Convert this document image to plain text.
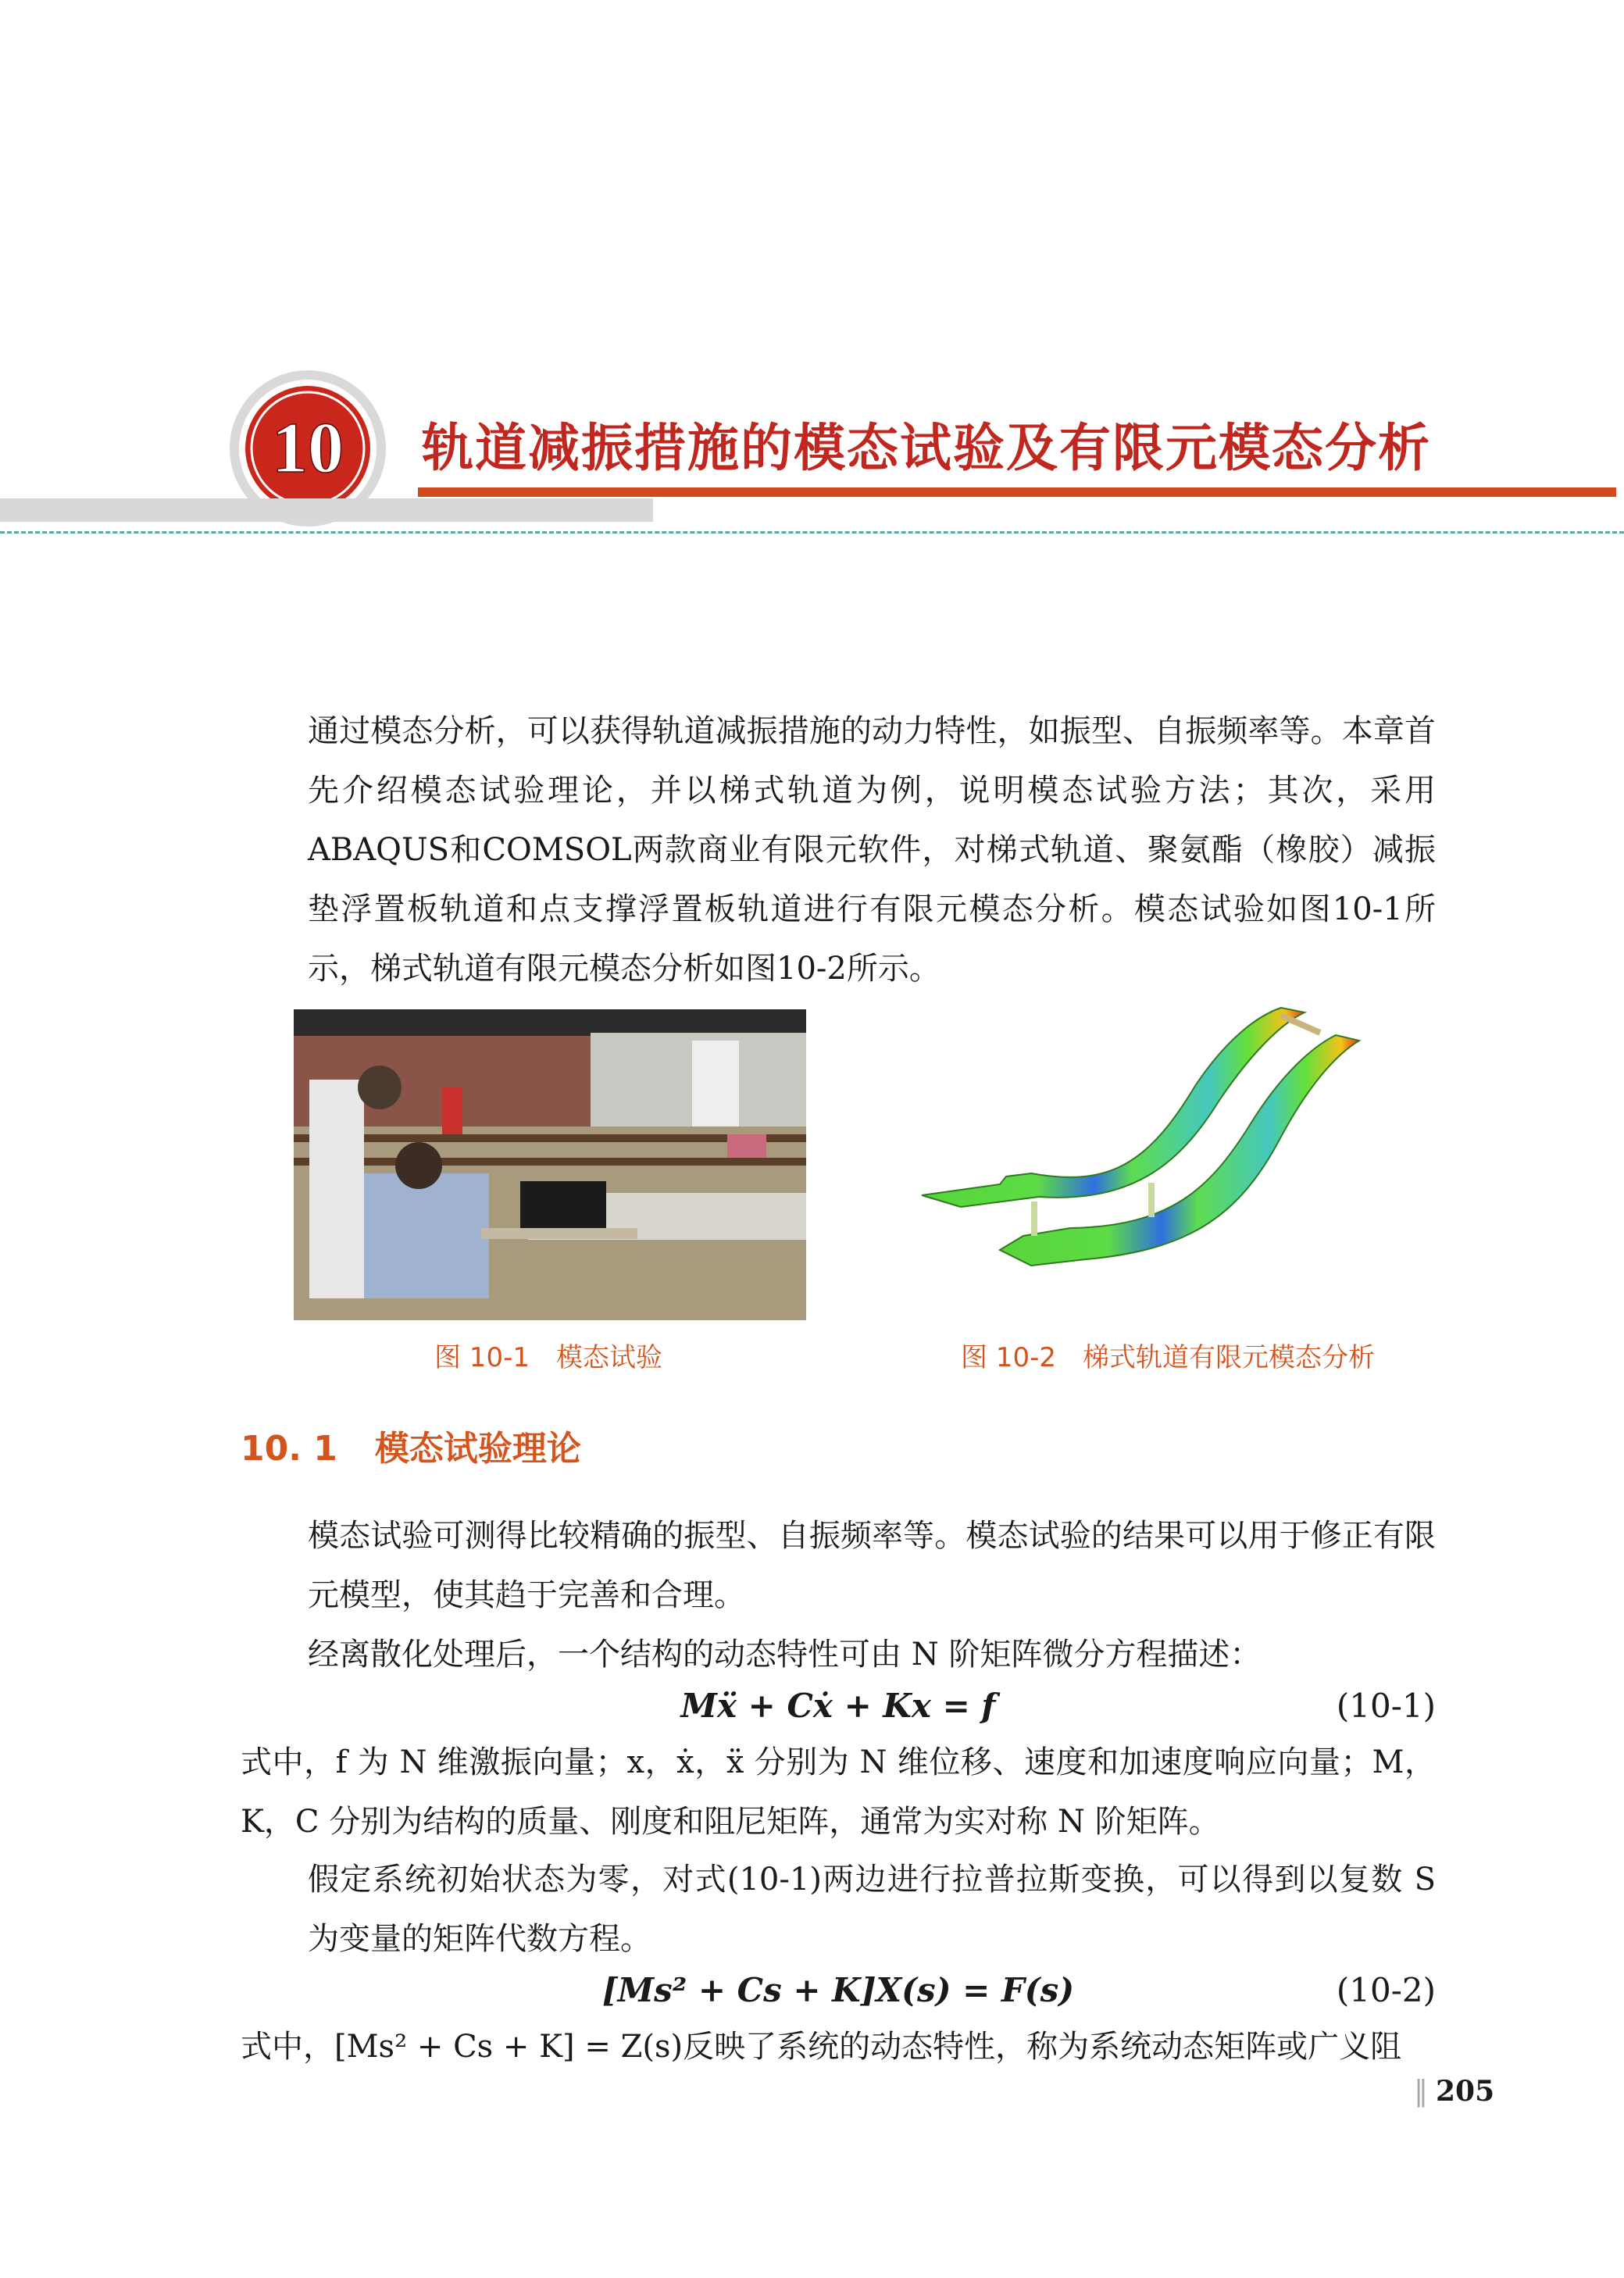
10 轨道减振措施的模态试验及有限元模态分析
通过模态分析，可以获得轨道减振措施的动力特性，如振型、自振频率等。本章首先介绍模态试验理论，并以梯式轨道为例，说明模态试验方法；其次，采用ABAQUS和COMSOL两款商业有限元软件，对梯式轨道、聚氨酯（橡胶）减振垫浮置板轨道和点支撑浮置板轨道进行有限元模态分析。模态试验如图10-1所示，梯式轨道有限元模态分析如图10-2所示。
图 10-1 模态试验	图 10-2 梯式轨道有限元模态分析
10. 1 模态试验理论
模态试验可测得比较精确的振型、自振频率等。模态试验的结果可以用于修正有限元模型，使其趋于完善和合理。
经离散化处理后，一个结构的动态特性可由 N 阶矩阵微分方程描述：
Mẍ + Cẋ + Kx = f	(10-1)
式中，f 为 N 维激振向量；x，ẋ，ẍ 分别为 N 维位移、速度和加速度响应向量；M，K，C 分别为结构的质量、刚度和阻尼矩阵，通常为实对称 N 阶矩阵。
假定系统初始状态为零，对式(10-1)两边进行拉普拉斯变换，可以得到以复数 S 为变量的矩阵代数方程。
[Ms² + Cs + K]X(s) = F(s)	(10-2)
式中，[Ms² + Cs + K] = Z(s)反映了系统的动态特性，称为系统动态矩阵或广义阻
‖ 205
